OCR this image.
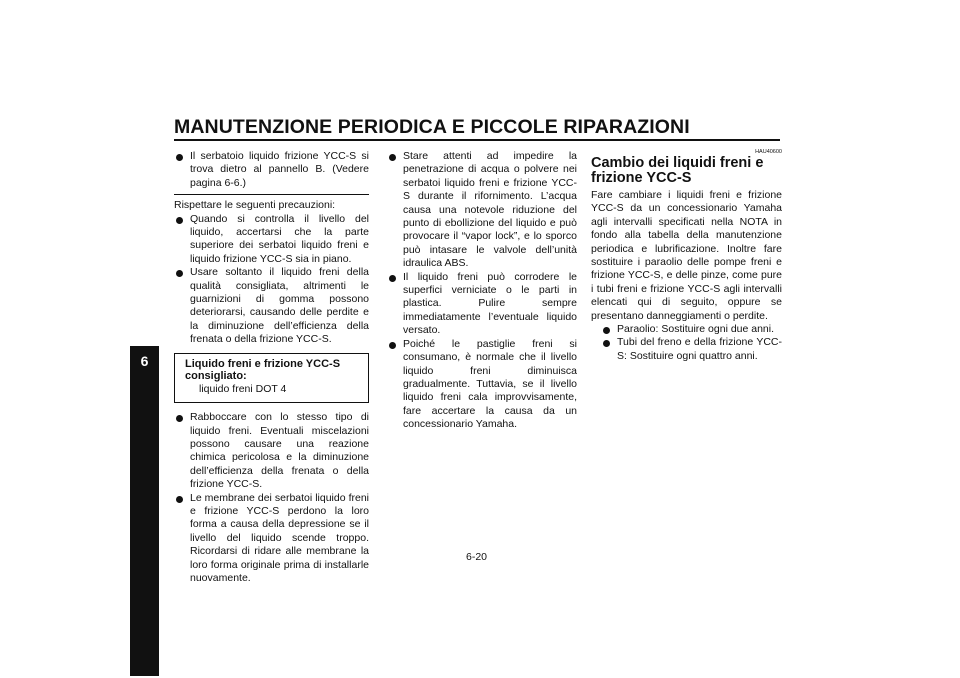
MANUTENZIONE PERIODICA E PICCOLE RIPARAZIONI
6

Il serbatoio liquido frizione YCC-S si trova dietro al pannello B. (Vedere pagina 6-6.)

Rispettare le seguenti precauzioni:

Quando si controlla il livello del liquido, accertarsi che la parte superiore dei serbatoi liquido freni e liquido frizione YCC-S sia in piano.

Usare soltanto il liquido freni della qualità consigliata, altrimenti le guarnizioni di gomma possono deteriorarsi, causando delle perdite e la diminuzione dell’efficienza della frenata o della frizione YCC-S.

Liquido freni e frizione YCC-S consigliato:
liquido freni DOT 4

Rabboccare con lo stesso tipo di liquido freni. Eventuali miscelazioni possono causare una reazione chimica pericolosa e la diminuzione dell’efficienza della frenata o della frizione YCC-S.

Le membrane dei serbatoi liquido freni e frizione YCC-S perdono la loro forma a causa della depressione se il livello del liquido scende troppo. Ricordarsi di ridare alle membrane la loro forma originale prima di installarle nuovamente.

Stare attenti ad impedire la penetrazione di acqua o polvere nei serbatoi liquido freni e frizione YCC-S durante il rifornimento. L’acqua causa una notevole riduzione del punto di ebollizione del liquido e può provocare il “vapor lock”, e lo sporco può intasare le valvole dell’unità idraulica ABS.

Il liquido freni può corrodere le superfici verniciate o le parti in plastica. Pulire sempre immediatamente l’eventuale liquido versato.

Poiché le pastiglie freni si consumano, è normale che il livello liquido freni diminuisca gradualmente. Tuttavia, se il livello liquido freni cala improvvisamente, fare accertare la causa da un concessionario Yamaha.

HAU40600
Cambio dei liquidi freni e frizione YCC-S

Fare cambiare i liquidi freni e frizione YCC-S da un concessionario Yamaha agli intervalli specificati nella NOTA in fondo alla tabella della manutenzione periodica e lubrificazione. Inoltre fare sostituire i paraolio delle pompe freni e frizione YCC-S, e delle pinze, come pure i tubi freni e frizione YCC-S agli intervalli elencati qui di seguito, oppure se presentano danneggiamenti o perdite.

Paraolio: Sostituire ogni due anni.

Tubi del freno e della frizione YCC-S: Sostituire ogni quattro anni.

6-20
